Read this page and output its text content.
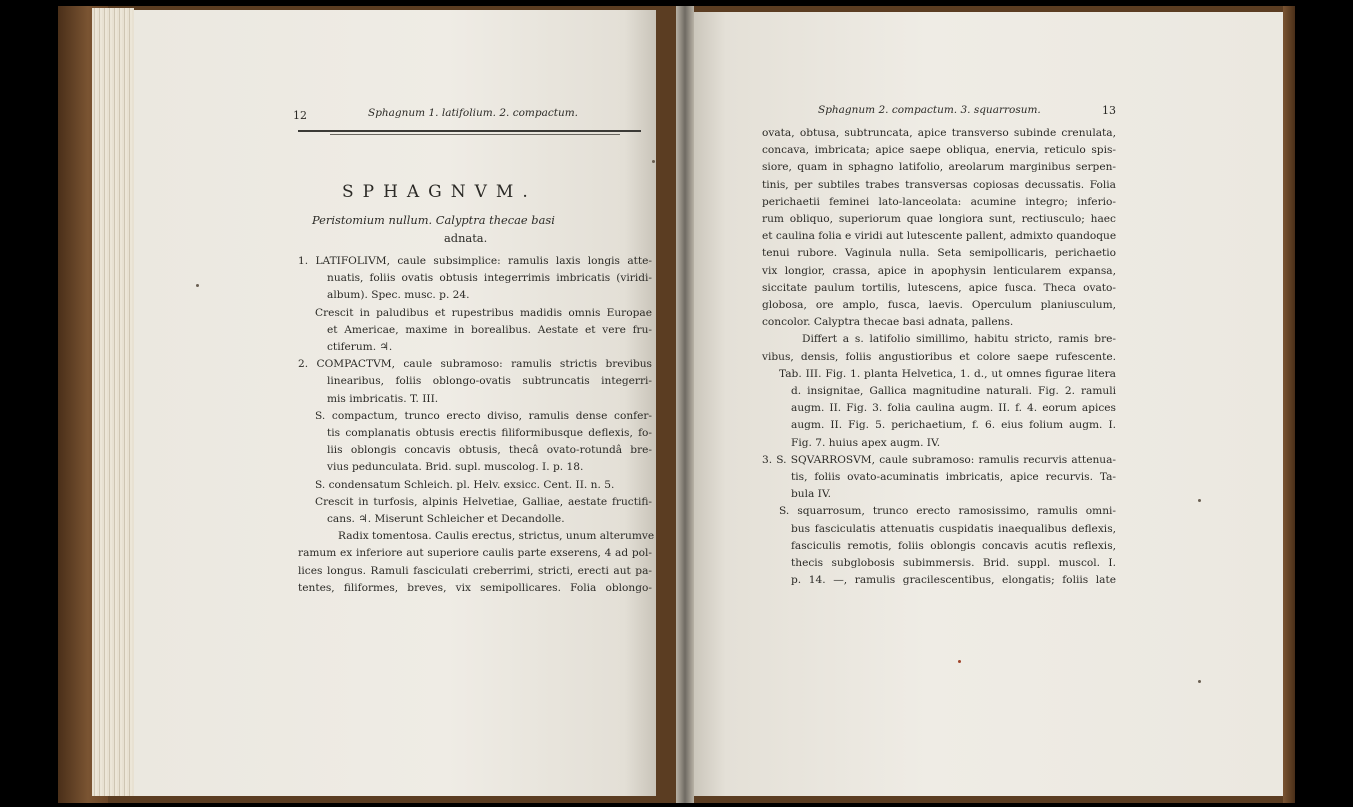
12	Sphagnum 1. latifolium. 2. compactum.
SPHAGNVM.
Peristomium nullum. Calyptra thecae basi
adnata.

1. LATIFOLIVM, caule subsimplice: ramulis laxis longis atte-

nuatis, foliis ovatis obtusis integerrimis imbricatis (viridi-

album). Spec. musc. p. 24.

Crescit in paludibus et rupestribus madidis omnis Europae

et Americae, maxime in borealibus. Aestate et vere fru-

ctiferum. ♃.

2. COMPACTVM, caule subramoso: ramulis strictis brevibus

linearibus, foliis oblongo-ovatis subtruncatis integerri-

mis imbricatis. T. III.

S. compactum, trunco erecto diviso, ramulis dense confer-

tis complanatis obtusis erectis filiformibusque deflexis, fo-

liis oblongis concavis obtusis, thecâ ovato-rotundâ bre-

vius pedunculata. Brid. supl. muscolog. I. p. 18.

S. condensatum Schleich. pl. Helv. exsicc. Cent. II. n. 5.

Crescit in turfosis, alpinis Helvetiae, Galliae, aestate fructifi-

cans. ♃. Miserunt Schleicher et Decandolle.

Radix tomentosa. Caulis erectus, strictus, unum alterumve

ramum ex inferiore aut superiore caulis parte exserens, 4 ad pol-

lices longus. Ramuli fasciculati creberrimi, stricti, erecti aut pa-

tentes, filiformes, breves, vix semipollicares. Folia oblongo-

Sphagnum 2. compactum. 3. squarrosum.	13

ovata, obtusa, subtruncata, apice transverso subinde crenulata,

concava, imbricata; apice saepe obliqua, enervia, reticulo spis-

siore, quam in sphagno latifolio, areolarum marginibus serpen-

tinis, per subtiles trabes transversas copiosas decussatis. Folia

perichaetii feminei lato-lanceolata: acumine integro; inferio-

rum obliquo, superiorum quae longiora sunt, rectiusculo; haec

et caulina folia e viridi aut lutescente pallent, admixto quandoque

tenui rubore. Vaginula nulla. Seta semipollicaris, perichaetio

vix longior, crassa, apice in apophysin lenticularem expansa,

siccitate paulum tortilis, lutescens, apice fusca. Theca ovato-

globosa, ore amplo, fusca, laevis. Operculum planiusculum,

concolor. Calyptra thecae basi adnata, pallens.

Differt a s. latifolio simillimo, habitu stricto, ramis bre-

vibus, densis, foliis angustioribus et colore saepe rufescente.

Tab. III. Fig. 1. planta Helvetica, 1. d., ut omnes figurae litera

d. insignitae, Gallica magnitudine naturali. Fig. 2. ramuli

augm. II. Fig. 3. folia caulina augm. II. f. 4. eorum apices

augm. II. Fig. 5. perichaetium, f. 6. eius folium augm. I.

Fig. 7. huius apex augm. IV.

3. S. SQVARROSVM, caule subramoso: ramulis recurvis attenua-

tis, foliis ovato-acuminatis imbricatis, apice recurvis. Ta-

bula IV.

S. squarrosum, trunco erecto ramosissimo, ramulis omni-

bus fasciculatis attenuatis cuspidatis inaequalibus deflexis,

fasciculis remotis, foliis oblongis concavis acutis reflexis,

thecis subglobosis subimmersis. Brid. suppl. muscol. I.

p. 14. —, ramulis gracilescentibus, elongatis; foliis late
